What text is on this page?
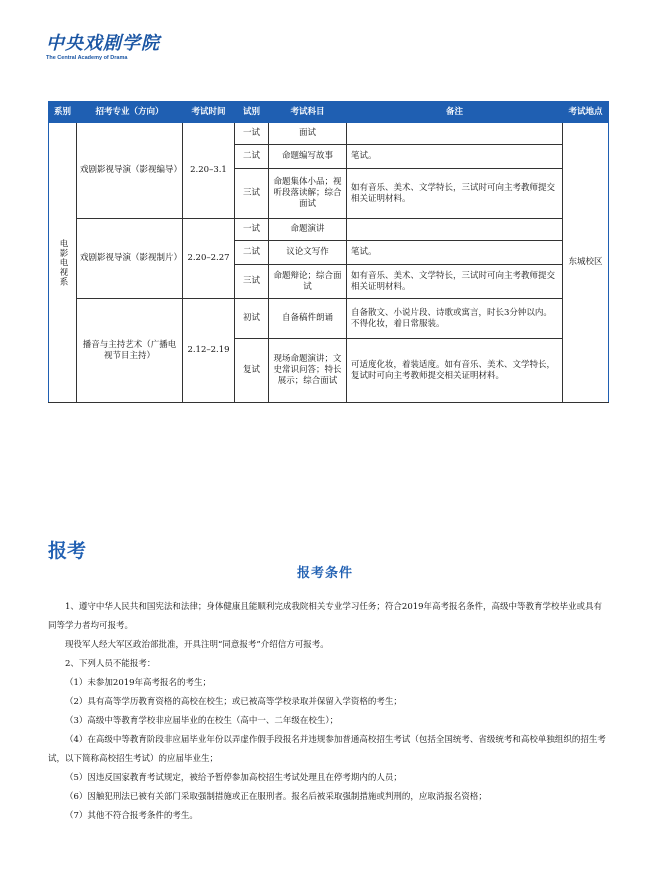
中央戏剧学院
The Central Academy of Drama
系别	招考专业（方向）	考试时间	试别	考试科目	备注	考试地点
电影电视系	戏剧影视导演（影视编导）	2.20–3.1	一试	面试		东城校区
			二试	命题编写故事	笔试。	
			三试	命题集体小品；视听段落读解；综合面试	如有音乐、美术、文学特长，三试时可向主考教师提交相关证明材料。	
	戏剧影视导演（影视制片）	2.20–2.27	一试	命题演讲		
			二试	议论文写作	笔试。	
			三试	命题辩论；综合面试	如有音乐、美术、文学特长，三试时可向主考教师提交相关证明材料。	
	播音与主持艺术（广播电视节目主持）	2.12–2.19	初试	自备稿件朗诵	自备散文、小说片段、诗歌或寓言，时长3分钟以内。不得化妆，着日常服装。	
			复试	现场命题演讲；文史常识问答；特长展示；综合面试	可适度化妆，着装适度。如有音乐、美术、文学特长，复试时可向主考教师提交相关证明材料。	
报考
报考条件

1、遵守中华人民共和国宪法和法律；身体健康且能顺利完成我院相关专业学习任务；符合2019年高考报名条件，高级中等教育学校毕业或具有同等学力者均可报考。

现役军人经大军区政治部批准，开具注明“同意报考”介绍信方可报考。

2、下列人员不能报考：

（1）未参加2019年高考报名的考生；

（2）具有高等学历教育资格的高校在校生；或已被高等学校录取并保留入学资格的考生；

（3）高级中等教育学校非应届毕业的在校生（高中一、二年级在校生）；

（4）在高级中等教育阶段非应届毕业年份以弄虚作假手段报名并违规参加普通高校招生考试（包括全国统考、省级统考和高校单独组织的招生考试，以下简称高校招生考试）的应届毕业生；

（5）因违反国家教育考试规定，被给予暂停参加高校招生考试处理且在停考期内的人员；

（6）因触犯刑法已被有关部门采取强制措施或正在服刑者。报名后被采取强制措施或判刑的，应取消报名资格；

（7）其他不符合报考条件的考生。
